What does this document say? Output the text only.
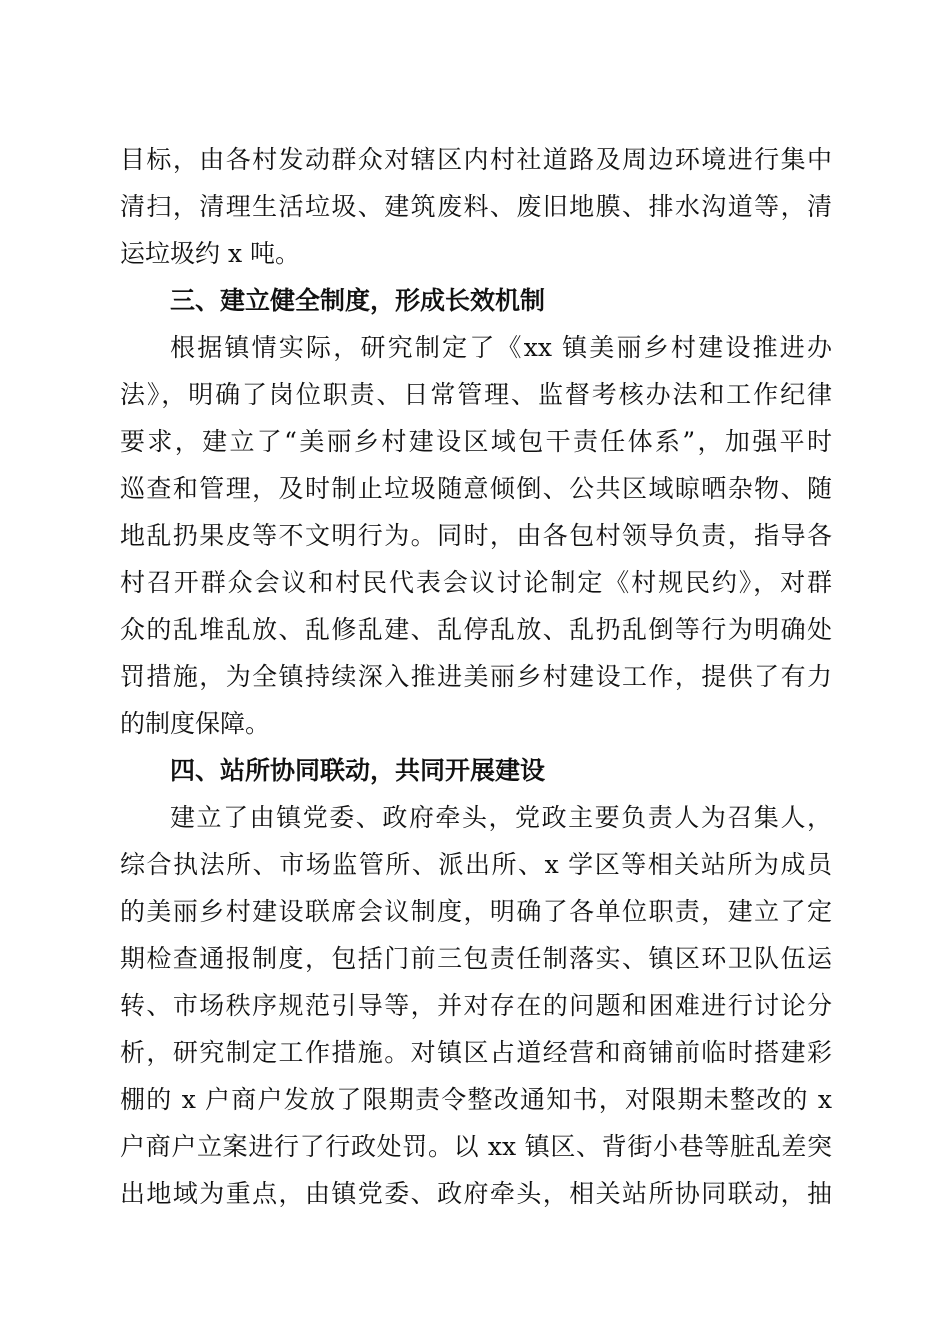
目标，由各村发动群众对辖区内村社道路及周边环境进行集中
清扫，清理生活垃圾、建筑废料、废旧地膜、排水沟道等，清
运垃圾约 x 吨。
三、建立健全制度，形成长效机制
根据镇情实际，研究制定了《xx 镇美丽乡村建设推进办
法》，明确了岗位职责、日常管理、监督考核办法和工作纪律
要求，建立了“美丽乡村建设区域包干责任体系”，加强平时
巡查和管理，及时制止垃圾随意倾倒、公共区域晾晒杂物、随
地乱扔果皮等不文明行为。同时，由各包村领导负责，指导各
村召开群众会议和村民代表会议讨论制定《村规民约》，对群
众的乱堆乱放、乱修乱建、乱停乱放、乱扔乱倒等行为明确处
罚措施，为全镇持续深入推进美丽乡村建设工作，提供了有力
的制度保障。
四、站所协同联动，共同开展建设
建立了由镇党委、政府牵头，党政主要负责人为召集人，
综合执法所、市场监管所、派出所、x 学区等相关站所为成员
的美丽乡村建设联席会议制度，明确了各单位职责，建立了定
期检查通报制度，包括门前三包责任制落实、镇区环卫队伍运
转、市场秩序规范引导等，并对存在的问题和困难进行讨论分
析，研究制定工作措施。对镇区占道经营和商铺前临时搭建彩
棚的 x 户商户发放了限期责令整改通知书，对限期未整改的 x
户商户立案进行了行政处罚。以 xx 镇区、背街小巷等脏乱差突
出地域为重点，由镇党委、政府牵头，相关站所协同联动，抽
